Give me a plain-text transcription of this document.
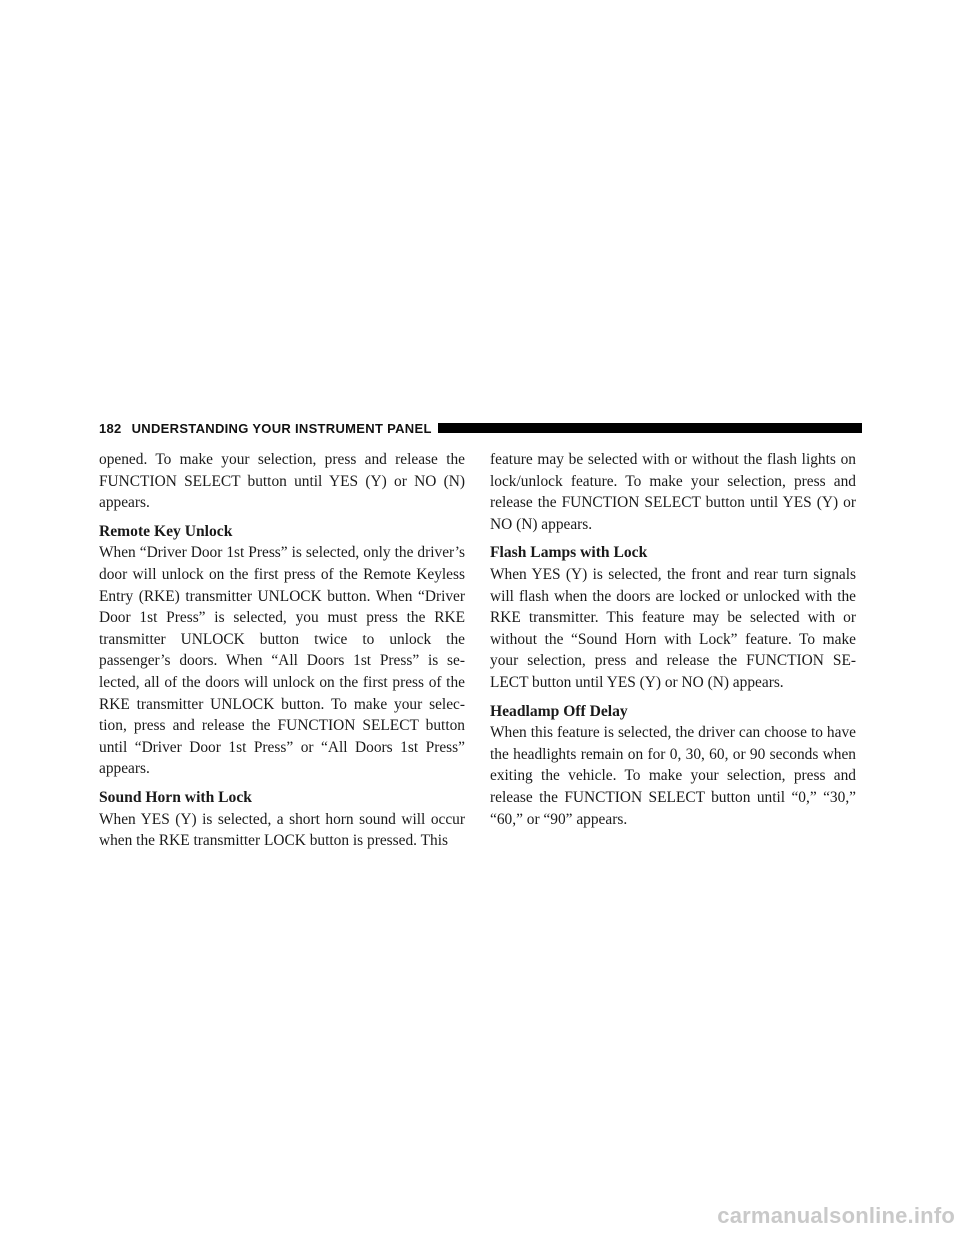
182 UNDERSTANDING YOUR INSTRUMENT PANEL

opened. To make your selection, press and release the FUNCTION SELECT button until YES (Y) or NO (N) appears.

Remote Key Unlock

When “Driver Door 1st Press” is selected, only the driver’s door will unlock on the first press of the Remote Keyless Entry (RKE) transmitter UNLOCK button. When “Driver Door 1st Press” is selected, you must press the RKE transmitter UNLOCK button twice to unlock the passenger’s doors. When “All Doors 1st Press” is se-lected, all of the doors will unlock on the first press of the RKE transmitter UNLOCK button. To make your selec-tion, press and release the FUNCTION SELECT button until “Driver Door 1st Press” or “All Doors 1st Press” appears.

Sound Horn with Lock

When YES (Y) is selected, a short horn sound will occur when the RKE transmitter LOCK button is pressed. This

feature may be selected with or without the flash lights on lock/unlock feature. To make your selection, press and release the FUNCTION SELECT button until YES (Y) or NO (N) appears.

Flash Lamps with Lock

When YES (Y) is selected, the front and rear turn signals will flash when the doors are locked or unlocked with the RKE transmitter. This feature may be selected with or without the “Sound Horn with Lock” feature. To make your selection, press and release the FUNCTION SE-LECT button until YES (Y) or NO (N) appears.

Headlamp Off Delay

When this feature is selected, the driver can choose to have the headlights remain on for 0, 30, 60, or 90 seconds when exiting the vehicle. To make your selection, press and release the FUNCTION SELECT button until “0,” “30,” “60,” or “90” appears.

carmanualsonline.info
